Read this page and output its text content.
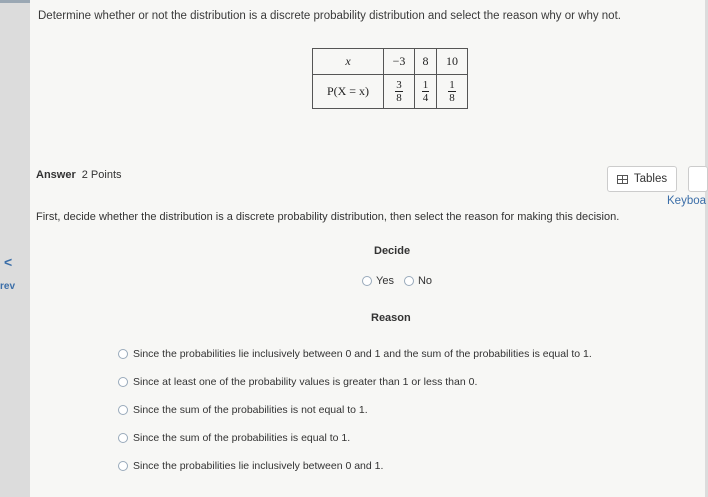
<
rev
Determine whether or not the distribution is a discrete probability distribution and select the reason why or why not.
x	−3	8	10
P(X = x)	$\frac{3}{8}$	$\frac{1}{4}$	$\frac{1}{8}$
Answer 2 Points	Tables
Keyboa
First, decide whether the distribution is a discrete probability distribution, then select the reason for making this decision.
Decide
Yes No
Reason
Since the probabilities lie inclusively between 0 and 1 and the sum of the probabilities is equal to 1.
Since at least one of the probability values is greater than 1 or less than 0.
Since the sum of the probabilities is not equal to 1.
Since the sum of the probabilities is equal to 1.
Since the probabilities lie inclusively between 0 and 1.
